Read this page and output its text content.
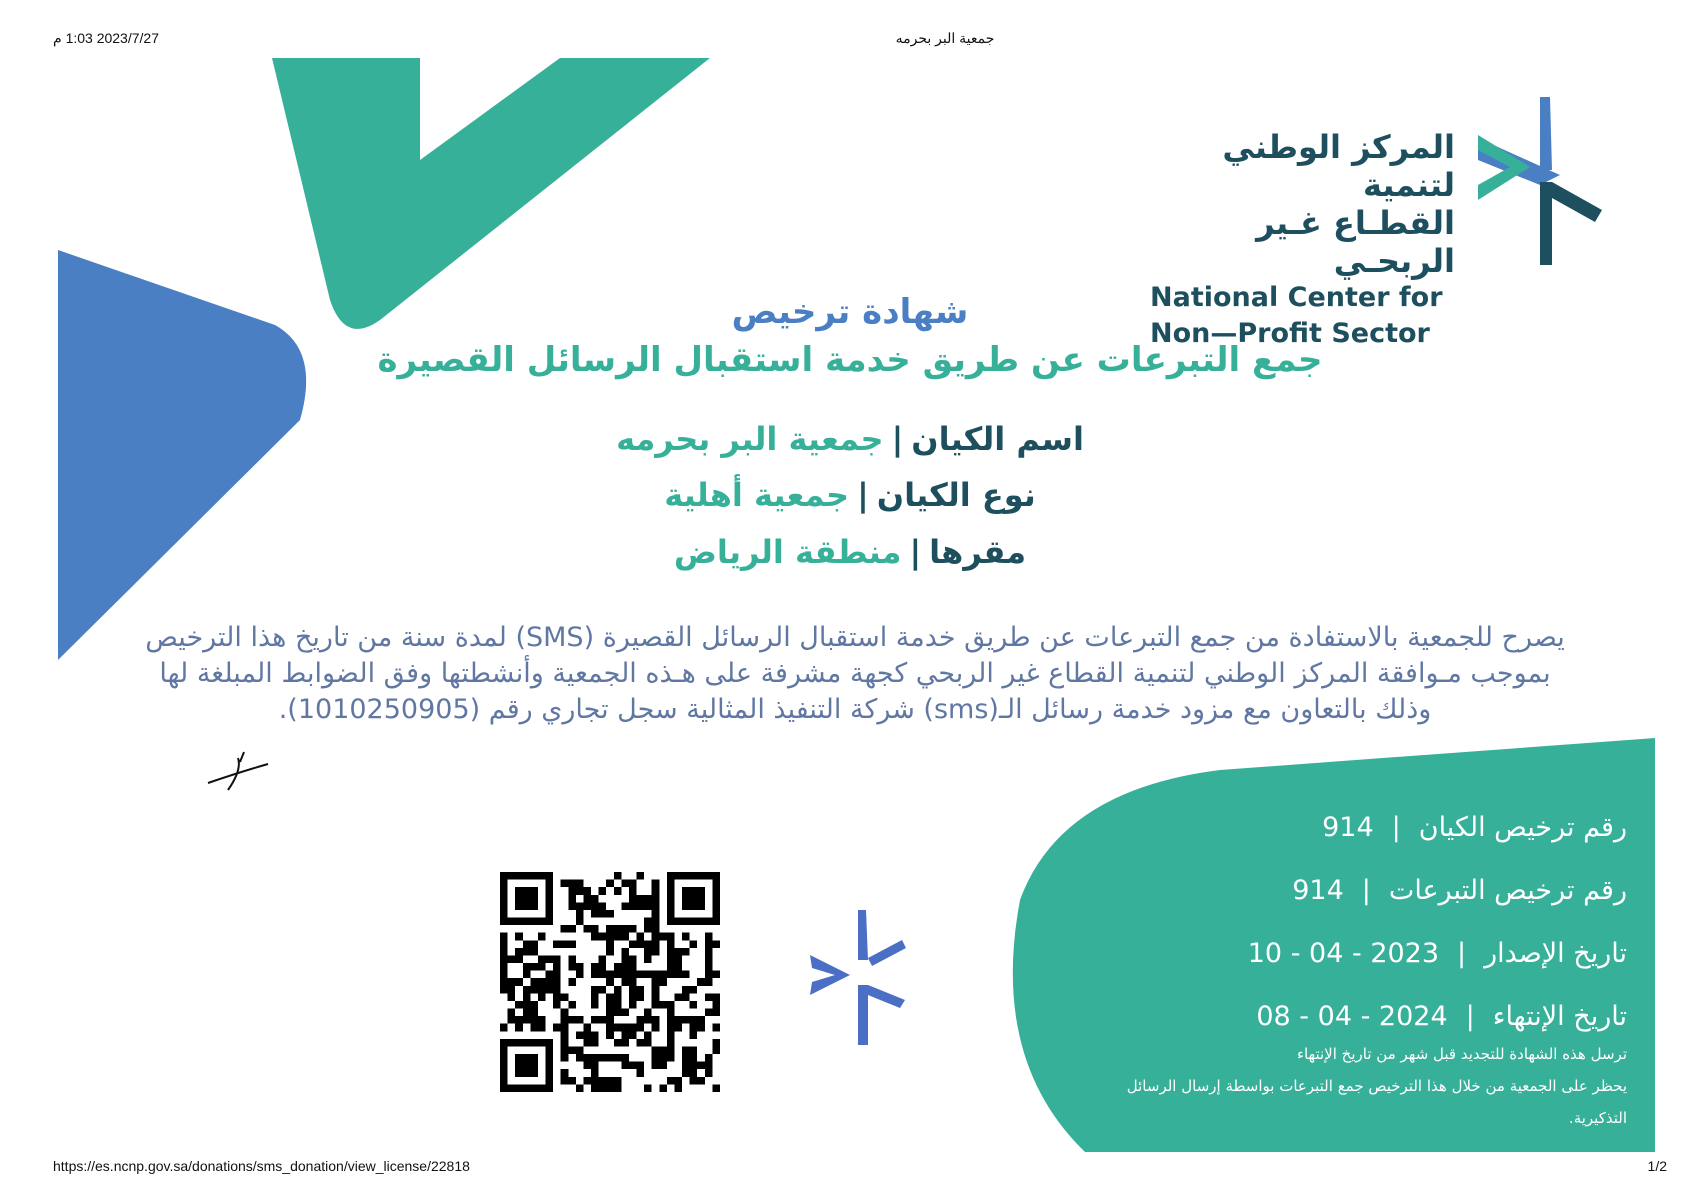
2023/7/27 1:03 م	جمعية البر بحرمه
https://es.ncnp.gov.sa/donations/sms_donation/view_license/22818	1/2
المركز الوطني لتنمية
القطـاع غـير الربحـي
National Center for
Non—Profit Sector
شهادة ترخيص
جمع التبرعات عن طريق خدمة استقبال الرسائل القصيرة
اسم الكيان|جمعية البر بحرمه
نوع الكيان|جمعية أهلية
مقرها|منطقة الرياض
يصرح للجمعية بالاستفادة من جمع التبرعات عن طريق خدمة استقبال الرسائل القصيرة (SMS) لمدة سنة من تاريخ هذا الترخيص
بموجب مـوافقة المركز الوطني لتنمية القطاع غير الربحي كجهة مشرفة على هـذه الجمعية وأنشطتها وفق الضوابط المبلغة لها
وذلك بالتعاون مع مزود خدمة رسائل الـ(sms) شركة التنفيذ المثالية سجل تجاري رقم (1010250905).
رقم ترخيص الكيان|914
رقم ترخيص التبرعات|914
تاريخ الإصدار|2023 - 04 - 10
تاريخ الإنتهاء|2024 - 04 - 08
ترسل هذه الشهادة للتجديد قبل شهر من تاريخ الإنتهاء
يحظر على الجمعية من خلال هذا الترخيص جمع التبرعات بواسطة إرسال الرسائل
التذكيرية.
